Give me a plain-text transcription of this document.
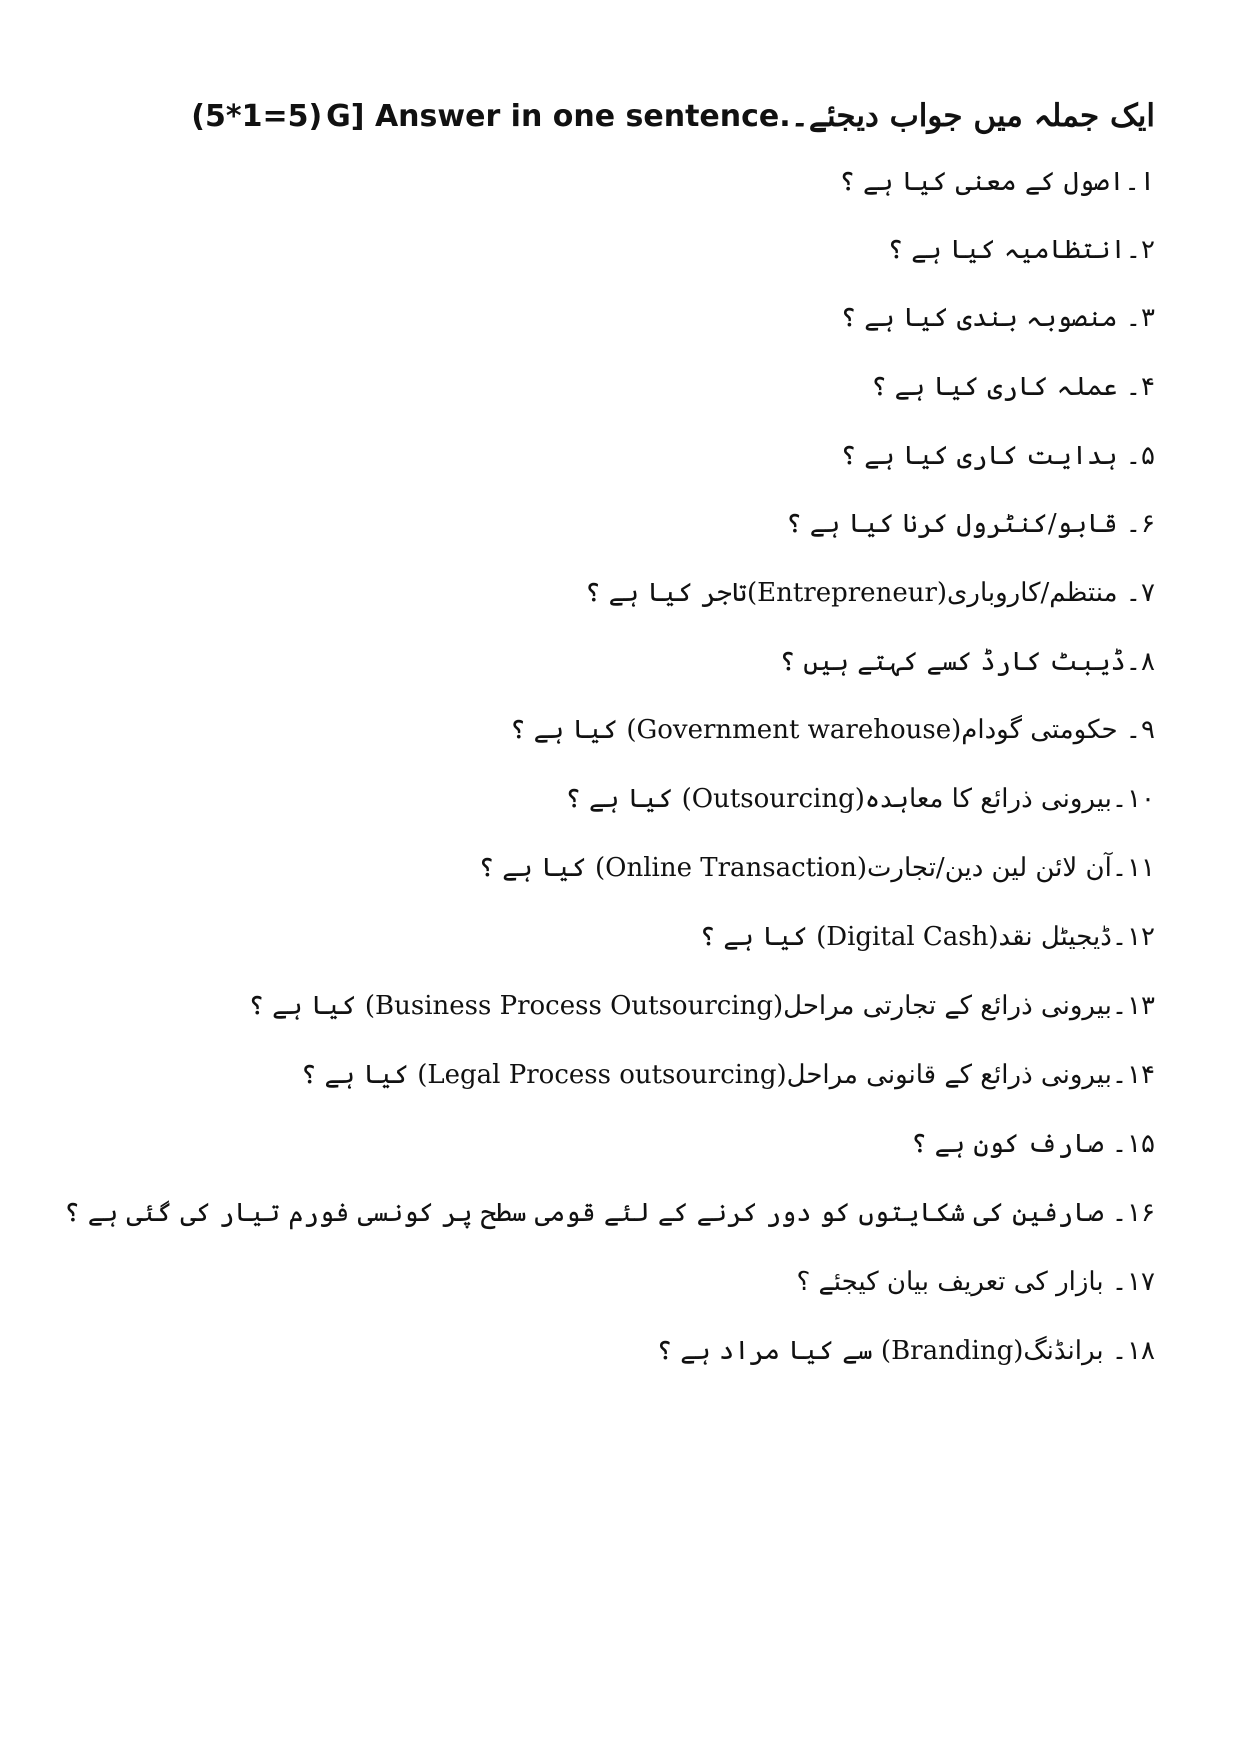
ایک جملہ میں جواب دیجئے۔G] Answer in one sentence.(5*1=5)
ا۔اصول کے معنی کیا ہے ؟
۲۔انتظامیہ کیا ہے ؟
۳۔ منصوبہ بندی کیا ہے ؟
۴۔ عملہ کاری کیا ہے ؟
۵۔ ہدایت کاری کیا ہے ؟
۶۔ قابو/کنٹرول کرنا کیا ہے ؟
۷۔ منتظم/کاروباری(Entrepreneur)تاجر کیا ہے ؟
۸۔ڈیبٹ کارڈ کسے کہتے ہیں ؟
۹۔ حکومتی گودام(Government warehouse) کیا ہے ؟
۱۰۔بیرونی ذرائع کا معاہدہ(Outsourcing) کیا ہے ؟
۱۱۔آن لائن لین دین/تجارت(Online Transaction) کیا ہے ؟
۱۲۔ڈیجیٹل نقد(Digital Cash) کیا ہے ؟
۱۳۔بیرونی ذرائع کے تجارتی مراحل(Business Process Outsourcing) کیا ہے ؟
۱۴۔بیرونی ذرائع کے قانونی مراحل(Legal Process outsourcing) کیا ہے ؟
۱۵۔ صارف کون ہے ؟
۱۶۔ صارفین کی شکایتوں کو دور کرنے کے لئے قومی سطح پر کونسی فورم تیار کی گئی ہے ؟
۱۷۔ بازار کی تعریف بیان کیجئے ؟
۱۸۔ برانڈنگ(Branding) سے کیا مراد ہے ؟
